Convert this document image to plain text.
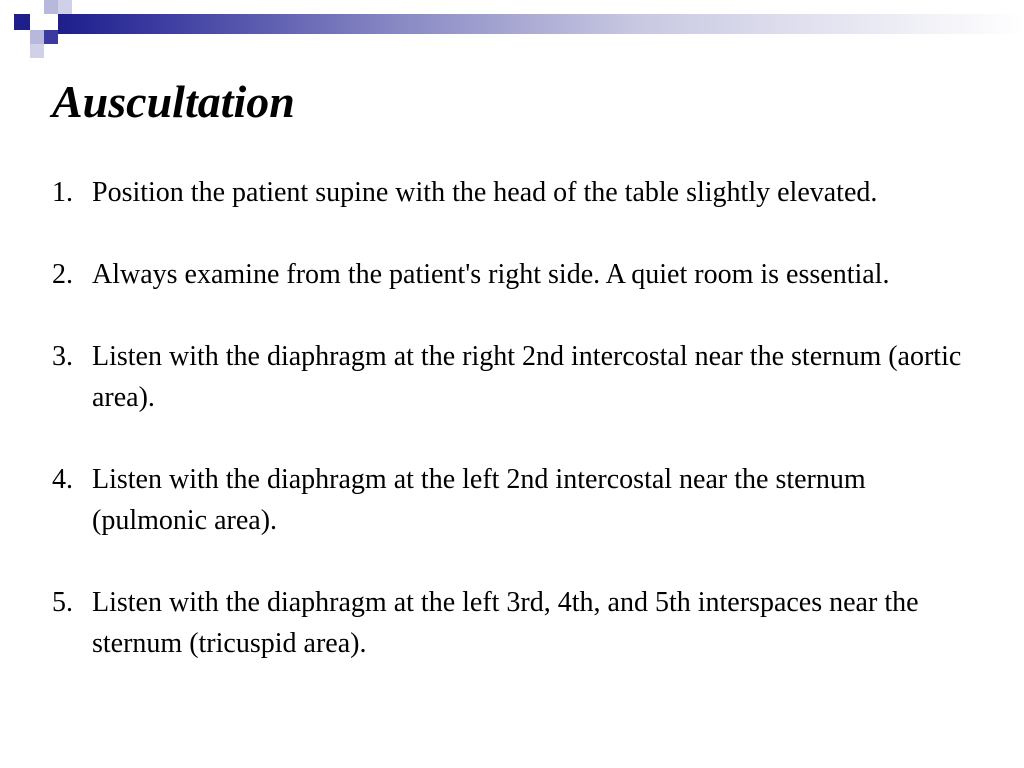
Auscultation
1. Position the patient supine with the head of the table slightly elevated.
2. Always examine from the patient's right side. A quiet room is essential.
3. Listen with the diaphragm at the right 2nd intercostal near the sternum (aortic area).
4. Listen with the diaphragm at the left 2nd intercostal near the sternum (pulmonic area).
5. Listen with the diaphragm at the left 3rd, 4th, and 5th interspaces near the sternum (tricuspid area).
